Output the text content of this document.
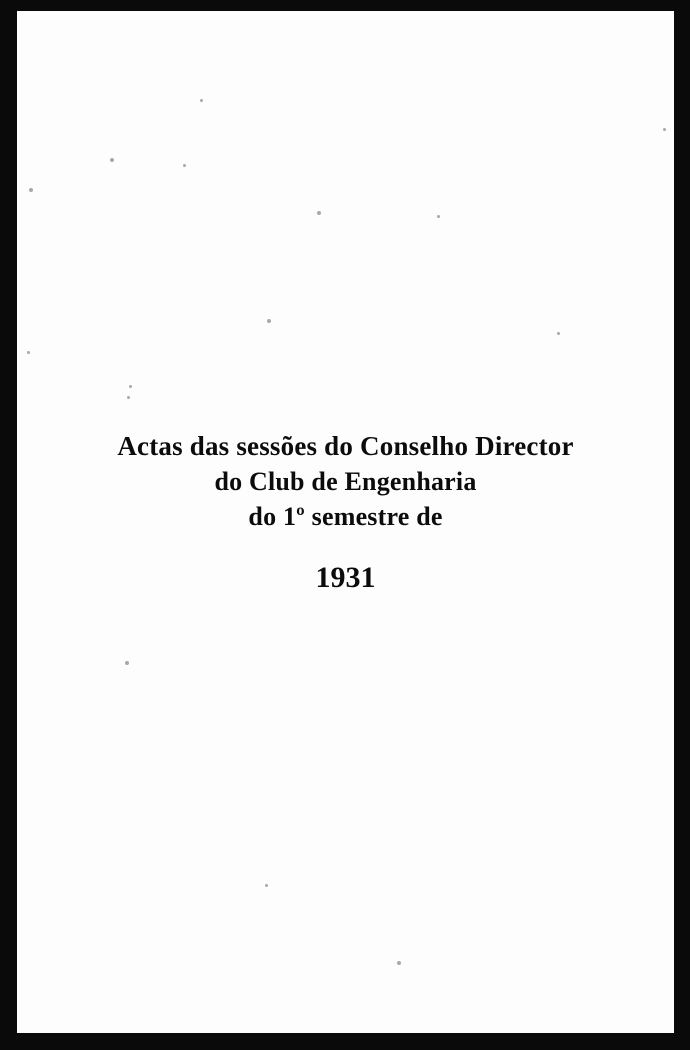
Actas das sessões do Conselho Director
do Club de Engenharia
do 1º semestre de
1931
